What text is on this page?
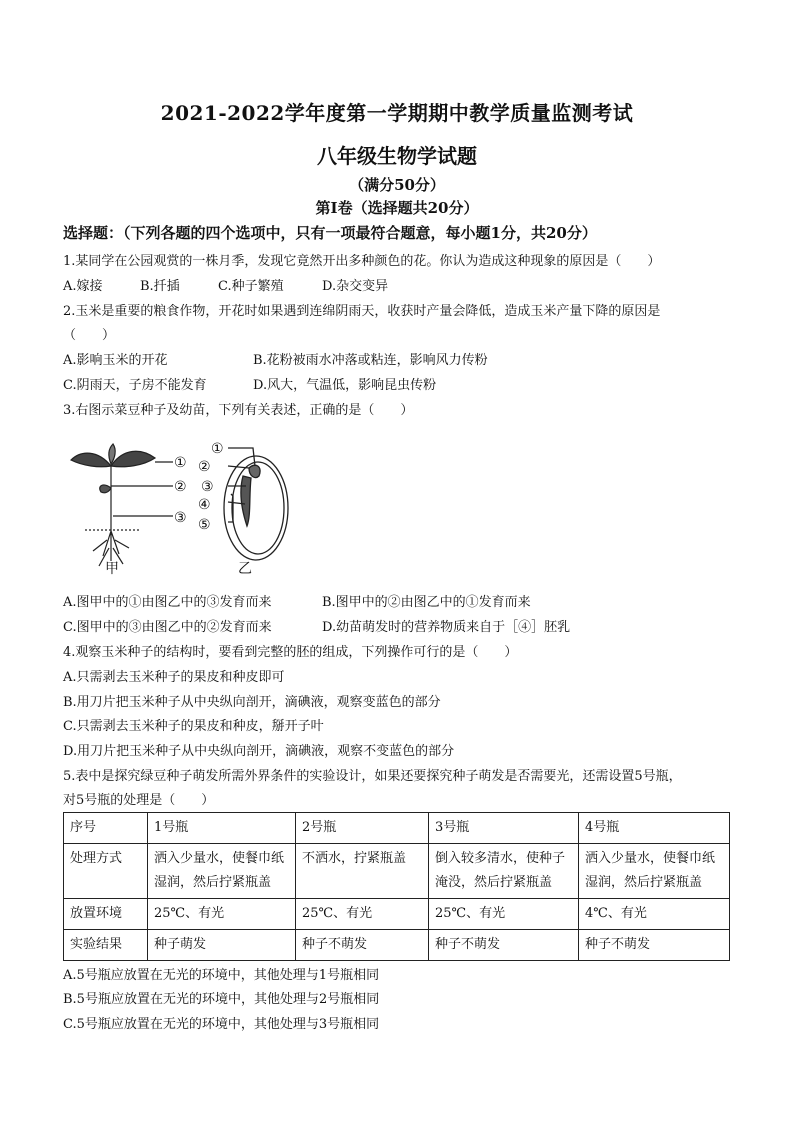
2021-2022学年度第一学期期中教学质量监测考试
八年级生物学试题
（满分50分）
第Ⅰ卷（选择题共20分）
选择题：（下列各题的四个选项中，只有一项最符合题意，每小题1分，共20分）
1.某同学在公园观赏的一株月季，发现它竟然开出多种颜色的花。你认为造成这种现象的原因是（　　）
A.嫁接	B.扦插	C.种子繁殖	D.杂交变异
2.玉米是重要的粮食作物，开花时如果遇到连绵阴雨天，收获时产量会降低，造成玉米产量下降的原因是
（　　）
A.影响玉米的开花	B.花粉被雨水冲落或粘连，影响风力传粉
C.阴雨天，子房不能发育	D.风大，气温低，影响昆虫传粉
3.右图示菜豆种子及幼苗，下列有关表述，正确的是（　　）
①
②
③
甲
①
②
③
④
⑤
乙
A.图甲中的①由图乙中的③发育而来	B.图甲中的②由图乙中的①发育而来
C.图甲中的③由图乙中的②发育而来	D.幼苗萌发时的营养物质来自于［④］胚乳
4.观察玉米种子的结构时，要看到完整的胚的组成，下列操作可行的是（　　）
A.只需剥去玉米种子的果皮和种皮即可
B.用刀片把玉米种子从中央纵向剖开，滴碘液，观察变蓝色的部分
C.只需剥去玉米种子的果皮和种皮，掰开子叶
D.用刀片把玉米种子从中央纵向剖开，滴碘液，观察不变蓝色的部分
5.表中是探究绿豆种子萌发所需外界条件的实验设计，如果还要探究种子萌发是否需要光，还需设置5号瓶，
对5号瓶的处理是（　　）
序号	1号瓶	2号瓶	3号瓶	4号瓶
处理方式	洒入少量水，使餐巾纸湿润，然后拧紧瓶盖	不洒水，拧紧瓶盖	倒入较多清水，使种子淹没，然后拧紧瓶盖	洒入少量水，使餐巾纸湿润，然后拧紧瓶盖
放置环境	25℃、有光	25℃、有光	25℃、有光	4℃、有光
实验结果	种子萌发	种子不萌发	种子不萌发	种子不萌发
A.5号瓶应放置在无光的环境中，其他处理与1号瓶相同
B.5号瓶应放置在无光的环境中，其他处理与2号瓶相同
C.5号瓶应放置在无光的环境中，其他处理与3号瓶相同
